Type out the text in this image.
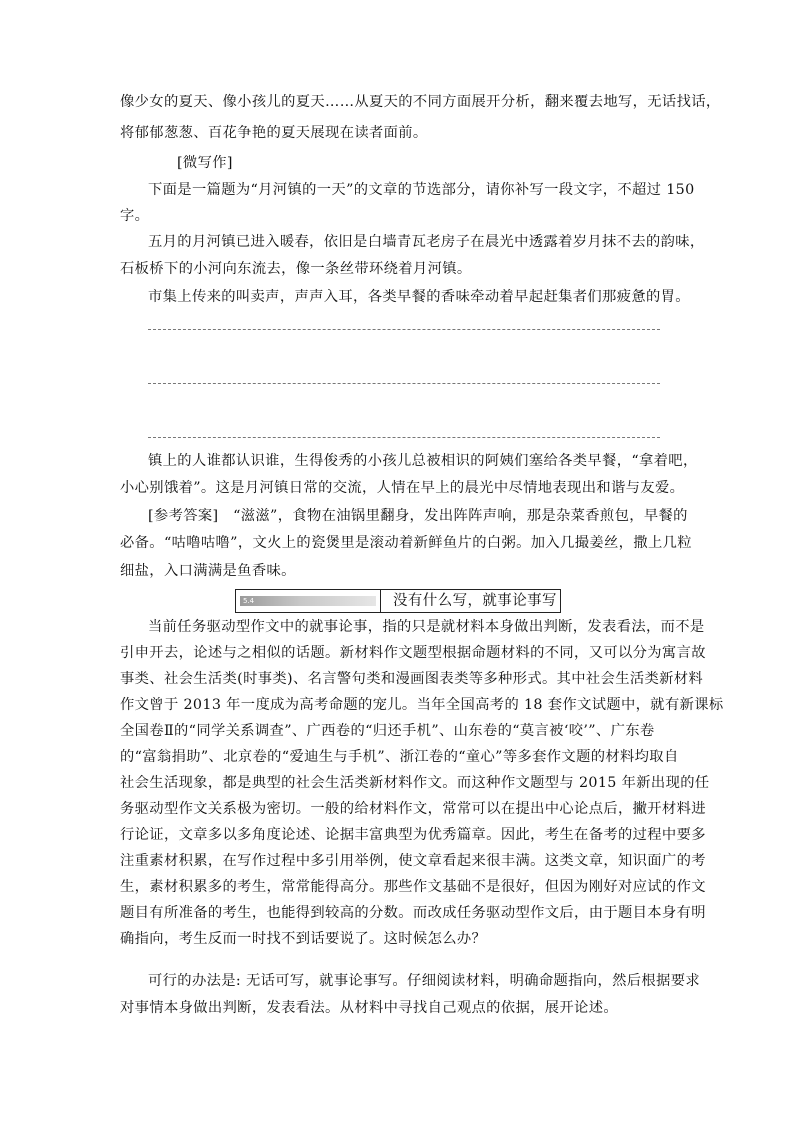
像少女的夏天、像小孩儿的夏天……从夏天的不同方面展开分析，翻来覆去地写，无话找话，
将郁郁葱葱、百花争艳的夏天展现在读者面前。
[微写作]
下面是一篇题为“月河镇的一天”的文章的节选部分，请你补写一段文字，不超过 150
字。
五月的月河镇已进入暖春，依旧是白墙青瓦老房子在晨光中透露着岁月抹不去的韵味，
石板桥下的小河向东流去，像一条丝带环绕着月河镇。
市集上传来的叫卖声，声声入耳，各类早餐的香味牵动着早起赶集者们那疲惫的胃。
镇上的人谁都认识谁，生得俊秀的小孩儿总被相识的阿姨们塞给各类早餐，“拿着吧，
小心别饿着”。这是月河镇日常的交流，人情在早上的晨光中尽情地表现出和谐与友爱。
[参考答案]　“滋滋”，食物在油锅里翻身，发出阵阵声响，那是杂菜香煎包，早餐的
必备。“咕噜咕噜”，文火上的瓷煲里是滚动着新鲜鱼片的白粥。加入几撮姜丝，撒上几粒
细盐，入口满满是鱼香味。
5.4	没有什么写，就事论事写
当前任务驱动型作文中的就事论事，指的只是就材料本身做出判断，发表看法，而不是
引申开去，论述与之相似的话题。新材料作文题型根据命题材料的不同，又可以分为寓言故
事类、社会生活类(时事类)、名言警句类和漫画图表类等多种形式。其中社会生活类新材料
作文曾于 2013 年一度成为高考命题的宠儿。当年全国高考的 18 套作文试题中，就有新课标
全国卷Ⅱ的“同学关系调查”、广西卷的“归还手机”、山东卷的“莫言被‘咬’”、广东卷
的“富翁捐助”、北京卷的“爱迪生与手机”、浙江卷的“童心”等多套作文题的材料均取自
社会生活现象，都是典型的社会生活类新材料作文。而这种作文题型与 2015 年新出现的任
务驱动型作文关系极为密切。一般的给材料作文，常常可以在提出中心论点后，撇开材料进
行论证，文章多以多角度论述、论据丰富典型为优秀篇章。因此，考生在备考的过程中要多
注重素材积累，在写作过程中多引用举例，使文章看起来很丰满。这类文章，知识面广的考
生，素材积累多的考生，常常能得高分。那些作文基础不是很好，但因为刚好对应试的作文
题目有所准备的考生，也能得到较高的分数。而改成任务驱动型作文后，由于题目本身有明
确指向，考生反而一时找不到话要说了。这时候怎么办？
可行的办法是: 无话可写，就事论事写。仔细阅读材料，明确命题指向，然后根据要求
对事情本身做出判断，发表看法。从材料中寻找自己观点的依据，展开论述。
